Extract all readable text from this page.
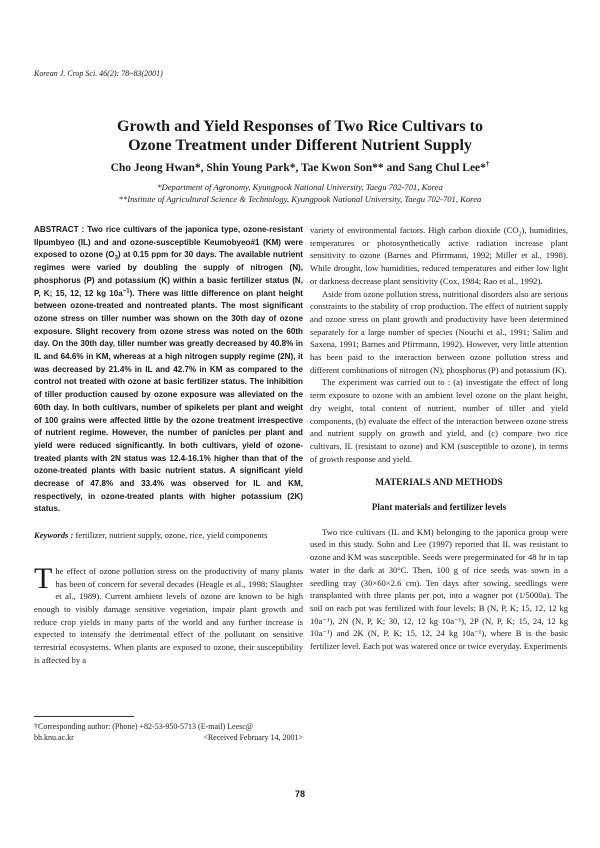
Korean J. Crop Sci. 46(2): 78~83(2001)
Growth and Yield Responses of Two Rice Cultivars to
Ozone Treatment under Different Nutrient Supply
Cho Jeong Hwan*, Shin Young Park*, Tae Kwon Son** and Sang Chul Lee*†
*Department of Agronomy, Kyungpook National University, Taegu 702-701, Korea
**Institute of Agricultural Science & Technology, Kyungpook National University, Taegu 702-701, Korea

ABSTRACT : Two rice cultivars of the japonica type, ozone-resistant Ilpumbyeo (IL) and and ozone-susceptible Keumobyeo#1 (KM) were exposed to ozone $(O_3)$ at 0.15 ppm for 30 days. The available nutrient regimes were varied by doubling the supply of nitrogen (N), phosphorus (P) and potassium (K) within a basic fertilizer status (N, P, K; 15, 12, 12 kg $10a^{-1}$). There was little difference on plant height between ozone-treated and nontreated plants. The most significant ozone stress on tiller number was shown on the 30th day of ozone exposure. Slight recovery from ozone stress was noted on the 60th day. On the 30th day, tiller number was greatly decreased by 40.8% in IL and 64.6% in KM, whereas at a high nitrogen supply regime (2N), it was decreased by 21.4% in IL and 42.7% in KM as compared to the control not treated with ozone at basic fertilizer status. The inhibition of tiller production caused by ozone exposure was alleviated on the 60th day. In both cultivars, number of spikelets per plant and weight of 100 grains were affected little by the ozone treatment irrespective of nutrient regime. However, the number of panicles per plant and yield were reduced significantly. In both cultivars, yield of ozone-treated plants with 2N status was 12.4-16.1% higher than that of the ozone-treated plants with basic nutrient status. A significant yield decrease of 47.8% and 33.4% was observed for IL and KM, respectively, in ozone-treated plants with higher potassium (2K) status.

Keywords : fertilizer, nutrient supply, ozone, rice, yield components

The effect of ozone pollution stress on the productivity of many plants has been of concern for several decades (Heagle et al., 1998; Slaughter et al., 1989). Current ambient levels of ozone are known to be high enough to visibly damage sensitive vegetation, impair plant growth and reduce crop yields in many parts of the world and any further increase is expected to intensify the detrimental effect of the pollutant on sensitive terrestrial ecosystems. When plants are exposed to ozone, their susceptibility is affected by a

variety of environmental factors. High carbon dioxide $(CO_2)$, humidities, temperatures or photosynthetically active radiation increase plant sensitivity to ozone (Barnes and Pfirrmann, 1992; Miller et al., 1998). While drought, low humidities, reduced temperatures and either low light or darkness decrease plant sensitivity (Cox, 1984; Rao et al., 1992).

Aside from ozone pollution stress, nutritional disorders also are serious constraints to the stability of crop production. The effect of nutrient supply and ozone stress on plant growth and productivity have been determined separately for a large number of species (Nouchi et al., 1991; Salim and Saxena, 1991; Barnes and Pfirrmann, 1992). However, very little attention has been paid to the interaction between ozone pollution stress and different combinations of nitrogen (N), phosphorus (P) and potassium (K).

The experiment was carried out to : (a) investigate the effect of long term exposure to ozone with an ambient level ozone on the plant height, dry weight, total content of nutrient, number of tiller and yield components, (b) evaluate the effect of the interaction between ozone stress and nutrient supply on growth and yield, and (c) compare two rice cultivars, IL (resistant to ozone) and KM (susceptible to ozone), in terms of growth response and yield.

MATERIALS AND METHODS
Plant materials and fertilizer levels

Two rice cultivars (IL and KM) belonging to the japonica group were used in this study. Sohn and Lee (1997) reported that IL was resistant to ozone and KM was susceptible. Seeds were pregerminated for 48 hr in tap water in the dark at 30°C. Then, 100 g of rice seeds was sown in a seedling tray (30×60×2.6 cm). Ten days after sowing, seedlings were transplanted with three plants per pot, into a wagner pot (1/5000a). The soil on each pot was fertilized with four levels; B (N, P, K; 15, 12, 12 kg 10a⁻¹), 2N (N, P, K; 30, 12, 12 kg 10a⁻¹), 2P (N, P, K; 15, 24, 12 kg 10a⁻¹) and 2K (N, P, K; 15, 12, 24 kg 10a⁻¹), where B is the basic fertilizer level. Each pot was watered once or twice everyday. Experiments

†Corresponding author: (Phone) +82-53-950-5713 (E-mail) Leesc@
bh.knu.ac.kr	<Received February 14, 2001>
78
